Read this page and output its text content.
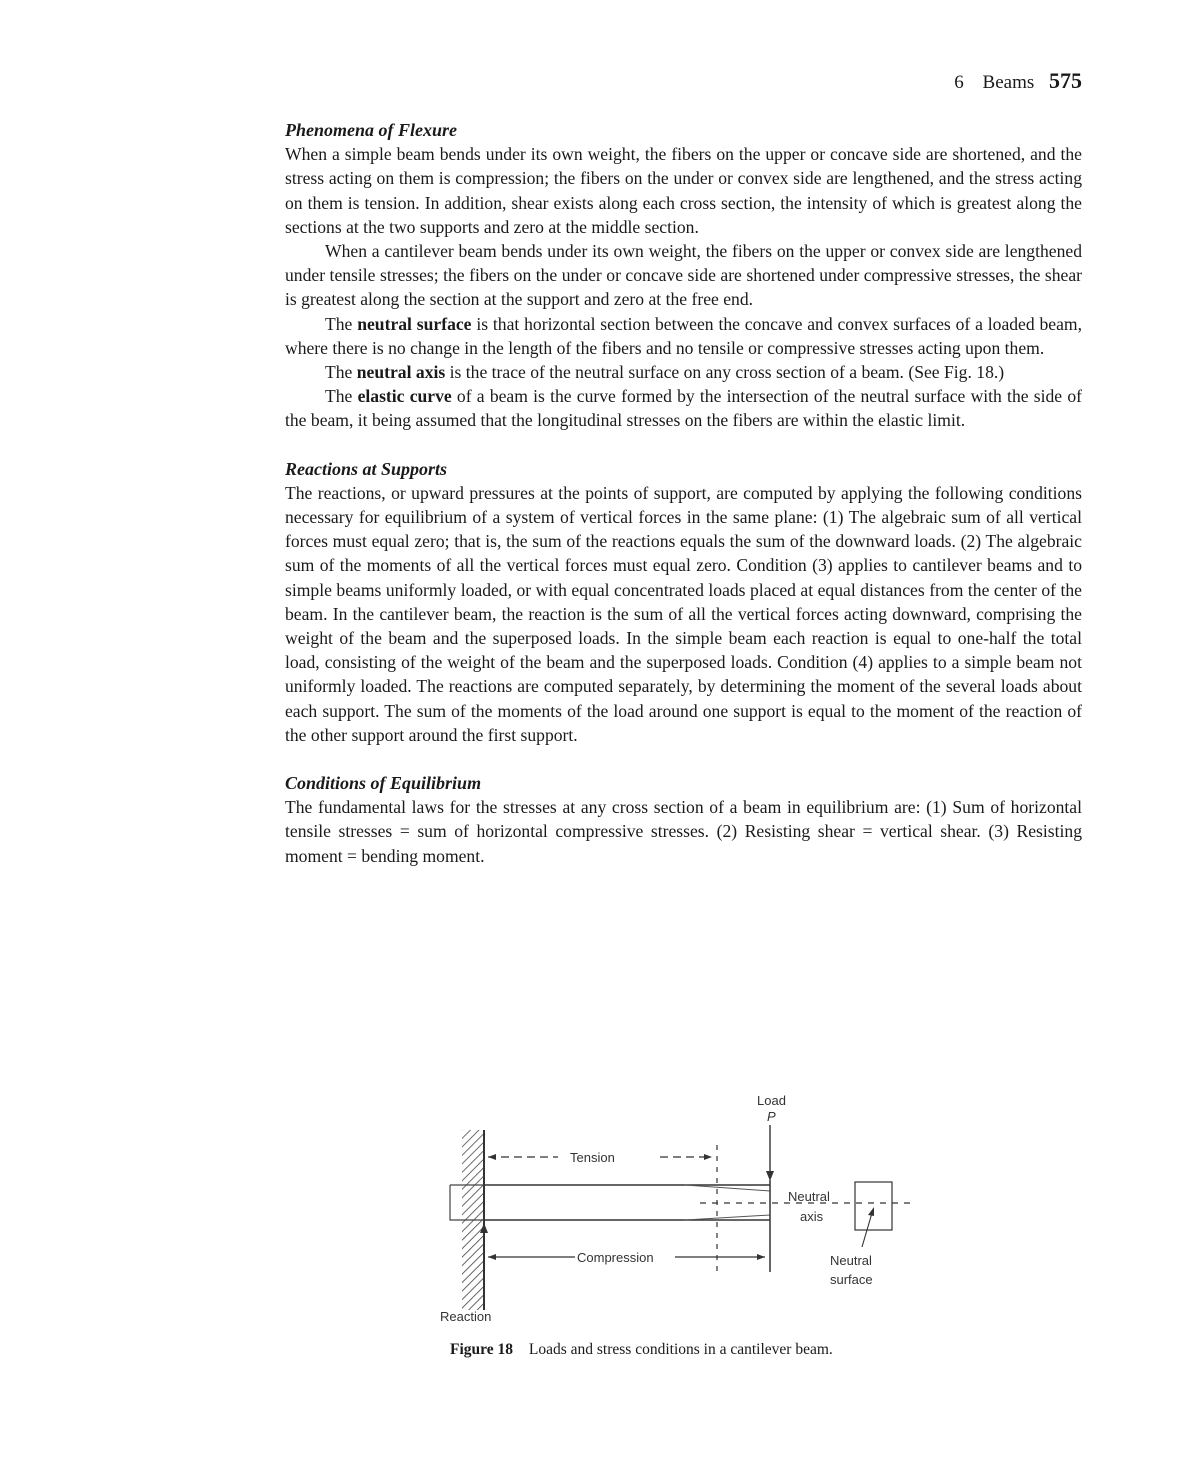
6 Beams 575
Phenomena of Flexure

When a simple beam bends under its own weight, the fibers on the upper or concave side are shortened, and the stress acting on them is compression; the fibers on the under or convex side are lengthened, and the stress acting on them is tension. In addition, shear exists along each cross section, the intensity of which is greatest along the sections at the two supports and zero at the middle section.

When a cantilever beam bends under its own weight, the fibers on the upper or convex side are lengthened under tensile stresses; the fibers on the under or concave side are shortened under compressive stresses, the shear is greatest along the section at the support and zero at the free end.

The neutral surface is that horizontal section between the concave and convex surfaces of a loaded beam, where there is no change in the length of the fibers and no tensile or compressive stresses acting upon them.

The neutral axis is the trace of the neutral surface on any cross section of a beam. (See Fig. 18.)

The elastic curve of a beam is the curve formed by the intersection of the neutral surface with the side of the beam, it being assumed that the longitudinal stresses on the fibers are within the elastic limit.

Reactions at Supports

The reactions, or upward pressures at the points of support, are computed by applying the following conditions necessary for equilibrium of a system of vertical forces in the same plane: (1) The algebraic sum of all vertical forces must equal zero; that is, the sum of the reactions equals the sum of the downward loads. (2) The algebraic sum of the moments of all the vertical forces must equal zero. Condition (3) applies to cantilever beams and to simple beams uniformly loaded, or with equal concentrated loads placed at equal distances from the center of the beam. In the cantilever beam, the reaction is the sum of all the vertical forces acting downward, comprising the weight of the beam and the superposed loads. In the simple beam each reaction is equal to one-half the total load, consisting of the weight of the beam and the superposed loads. Condition (4) applies to a simple beam not uniformly loaded. The reactions are computed separately, by determining the moment of the several loads about each support. The sum of the moments of the load around one support is equal to the moment of the reaction of the other support around the first support.

Conditions of Equilibrium

The fundamental laws for the stresses at any cross section of a beam in equilibrium are: (1) Sum of horizontal tensile stresses = sum of horizontal compressive stresses. (2) Resisting shear = vertical shear. (3) Resisting moment = bending moment.

Tension
Compression
Reaction
Load
P
Neutral
axis
Neutral
surface
Figure 18 Loads and stress conditions in a cantilever beam.
